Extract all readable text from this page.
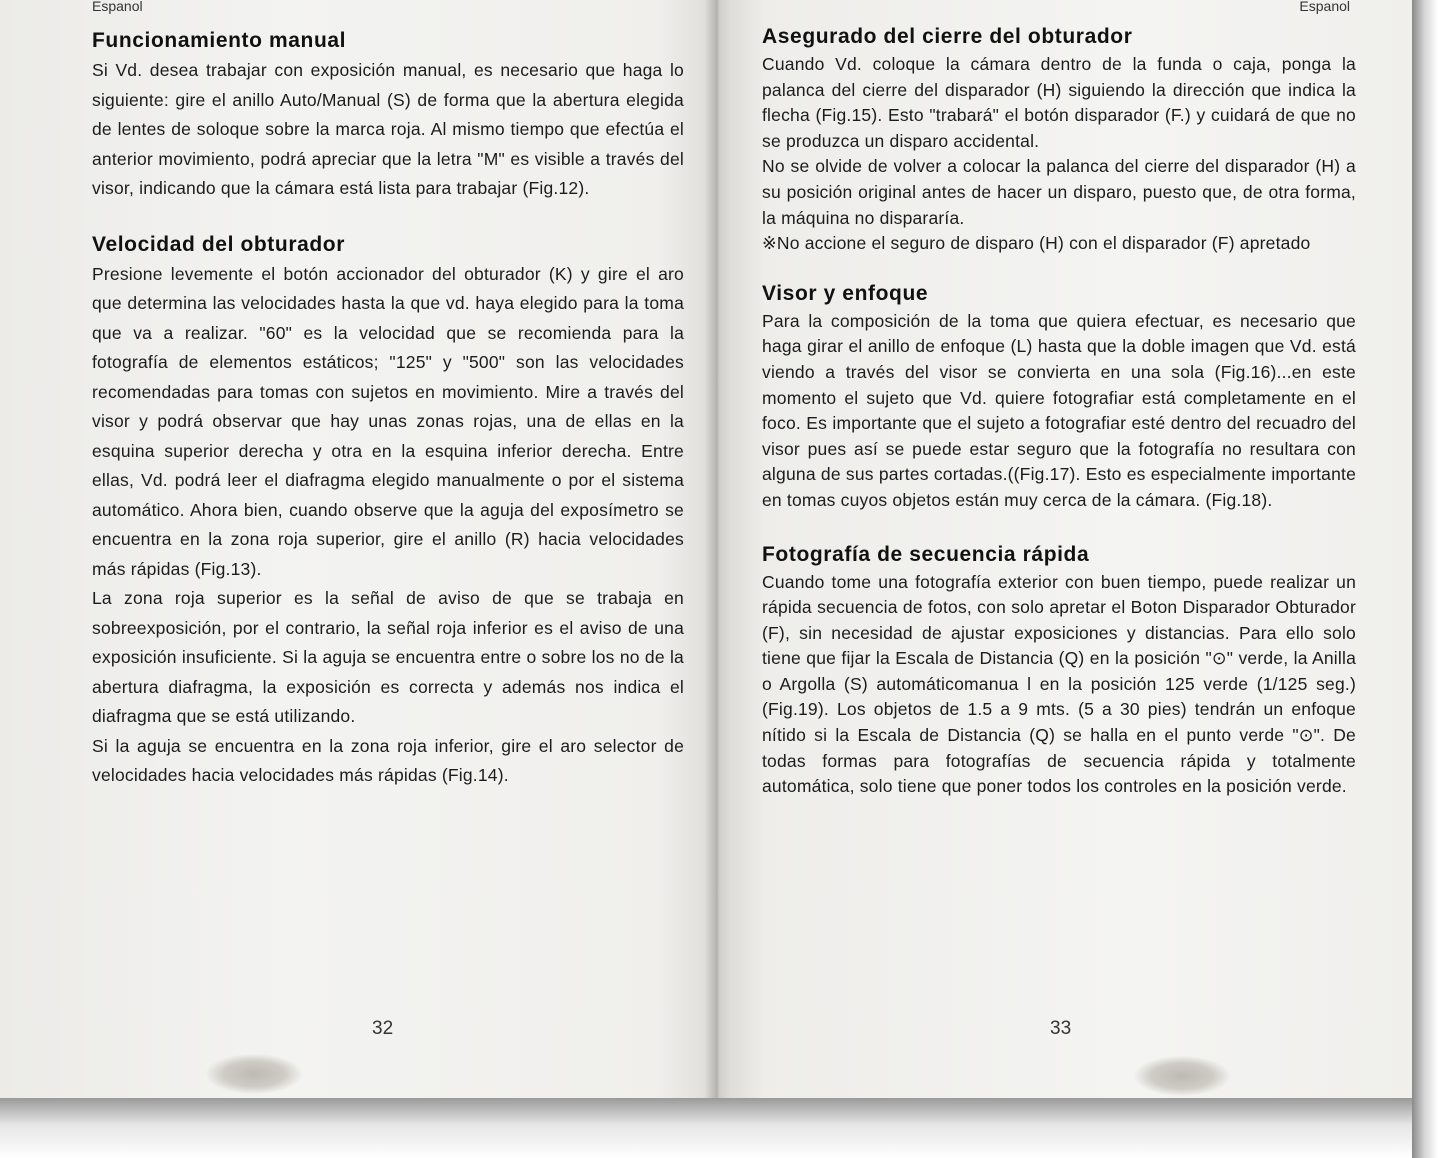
Espanol
Funcionamiento manual

Si Vd. desea trabajar con exposición manual, es necesario que haga lo siguiente: gire el anillo Auto/Manual (S) de forma que la abertura elegida de lentes de soloque sobre la marca roja. Al mismo tiempo que efectúa el anterior movimiento, podrá apreciar que la letra "M" es visible a través del visor, indicando que la cámara está lista para trabajar (Fig.12).

Velocidad del obturador

Presione levemente el botón accionador del obturador (K) y gire el aro que determina las velocidades hasta la que vd. haya elegido para la toma que va a realizar. "60" es la velocidad que se recomienda para la fotografía de elementos estáticos; "125" y "500" son las velocidades recomendadas para tomas con sujetos en movimiento. Mire a través del visor y podrá observar que hay unas zonas rojas, una de ellas en la esquina superior derecha y otra en la esquina inferior derecha. Entre ellas, Vd. podrá leer el diafragma elegido manualmente o por el sistema automático. Ahora bien, cuando observe que la aguja del exposímetro se encuentra en la zona roja superior, gire el anillo (R) hacia velocidades más rápidas (Fig.13).

La zona roja superior es la señal de aviso de que se trabaja en sobreexposición, por el contrario, la señal roja inferior es el aviso de una exposición insuficiente. Si la aguja se encuentra entre o sobre los no de la abertura diafragma, la exposición es correcta y además nos indica el diafragma que se está utilizando.

Si la aguja se encuentra en la zona roja inferior, gire el aro selector de velocidades hacia velocidades más rápidas (Fig.14).

32
Espanol
Asegurado del cierre del obturador

Cuando Vd. coloque la cámara dentro de la funda o caja, ponga la palanca del cierre del disparador (H) siguiendo la dirección que indica la flecha (Fig.15). Esto "trabará" el botón disparador (F.) y cuidará de que no se produzca un disparo accidental.

No se olvide de volver a colocar la palanca del cierre del disparador (H) a su posición original antes de hacer un disparo, puesto que, de otra forma, la máquina no dispararía.

※No accione el seguro de disparo (H) con el disparador (F) apretado

Visor y enfoque

Para la composición de la toma que quiera efectuar, es necesario que haga girar el anillo de enfoque (L) hasta que la doble imagen que Vd. está viendo a través del visor se convierta en una sola (Fig.16)...en este momento el sujeto que Vd. quiere fotografiar está completamente en el foco. Es importante que el sujeto a fotografiar esté dentro del recuadro del visor pues así se puede estar seguro que la fotografía no resultara con alguna de sus partes cortadas.((Fig.17). Esto es especialmente importante en tomas cuyos objetos están muy cerca de la cámara. (Fig.18).

Fotografía de secuencia rápida

Cuando tome una fotografía exterior con buen tiempo, puede realizar un rápida secuencia de fotos, con solo apretar el Boton Disparador Obturador (F), sin necesidad de ajustar exposiciones y distancias. Para ello solo tiene que fijar la Escala de Distancia (Q) en la posición "⊙" verde, la Anilla o Argolla (S) automáticomanua l en la posición 125 verde (1/125 seg.) (Fig.19). Los objetos de 1.5 a 9 mts. (5 a 30 pies) tendrán un enfoque nítido si la Escala de Distancia (Q) se halla en el punto verde "⊙". De todas formas para fotografías de secuencia rápida y totalmente automática, solo tiene que poner todos los controles en la posición verde.

33
